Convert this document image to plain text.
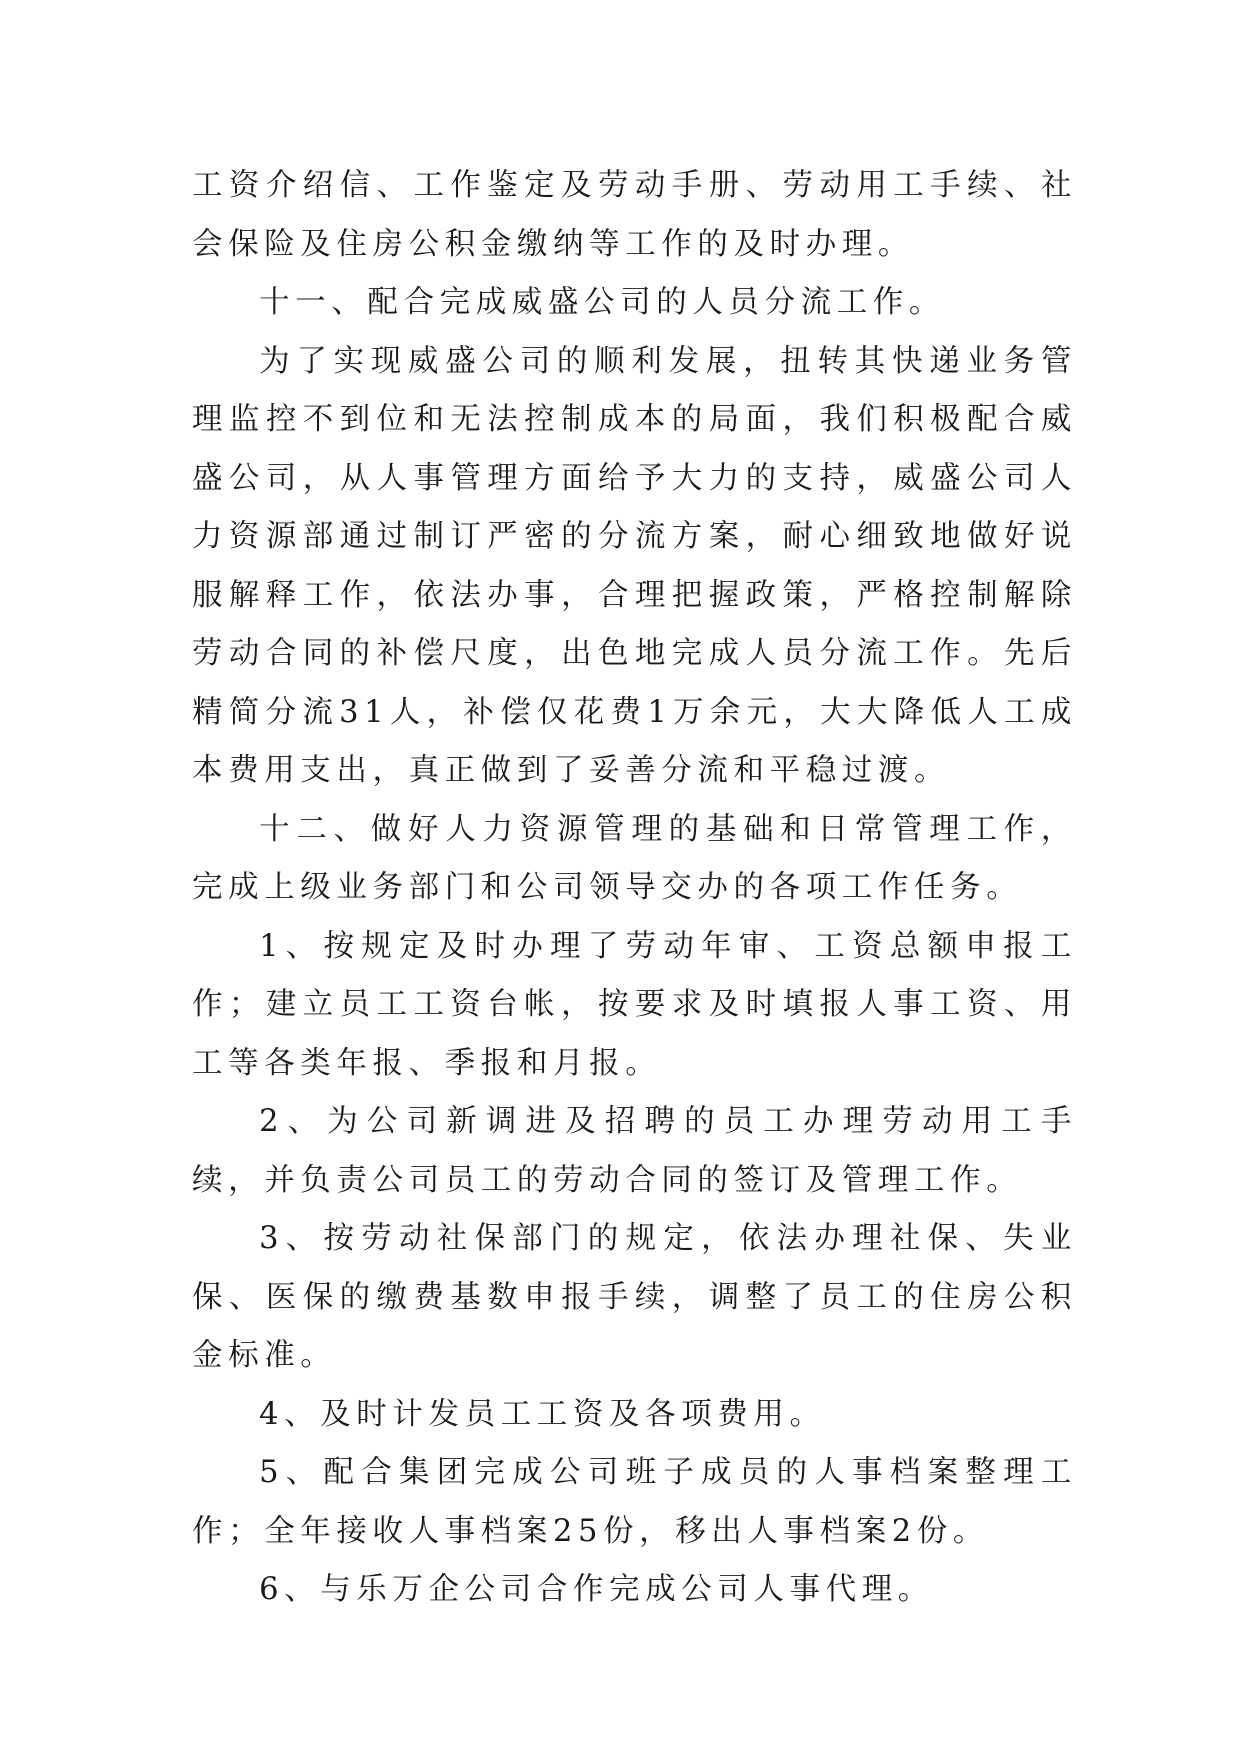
工资介绍信、工作鉴定及劳动手册、劳动用工手续、社会保险及住房公积金缴纳等工作的及时办理。

十一、配合完成威盛公司的人员分流工作。

为了实现威盛公司的顺利发展，扭转其快递业务管理监控不到位和无法控制成本的局面，我们积极配合威盛公司，从人事管理方面给予大力的支持，威盛公司人力资源部通过制订严密的分流方案，耐心细致地做好说服解释工作，依法办事，合理把握政策，严格控制解除劳动合同的补偿尺度，出色地完成人员分流工作。先后精简分流31人，补偿仅花费1万余元，大大降低人工成本费用支出，真正做到了妥善分流和平稳过渡。

十二、做好人力资源管理的基础和日常管理工作，完成上级业务部门和公司领导交办的各项工作任务。

1、按规定及时办理了劳动年审、工资总额申报工作；建立员工工资台帐，按要求及时填报人事工资、用工等各类年报、季报和月报。

2、为公司新调进及招聘的员工办理劳动用工手续，并负责公司员工的劳动合同的签订及管理工作。

3、按劳动社保部门的规定，依法办理社保、失业保、医保的缴费基数申报手续，调整了员工的住房公积金标准。

4、及时计发员工工资及各项费用。

5、配合集团完成公司班子成员的人事档案整理工作；全年接收人事档案25份，移出人事档案2份。

6、与乐万企公司合作完成公司人事代理。
